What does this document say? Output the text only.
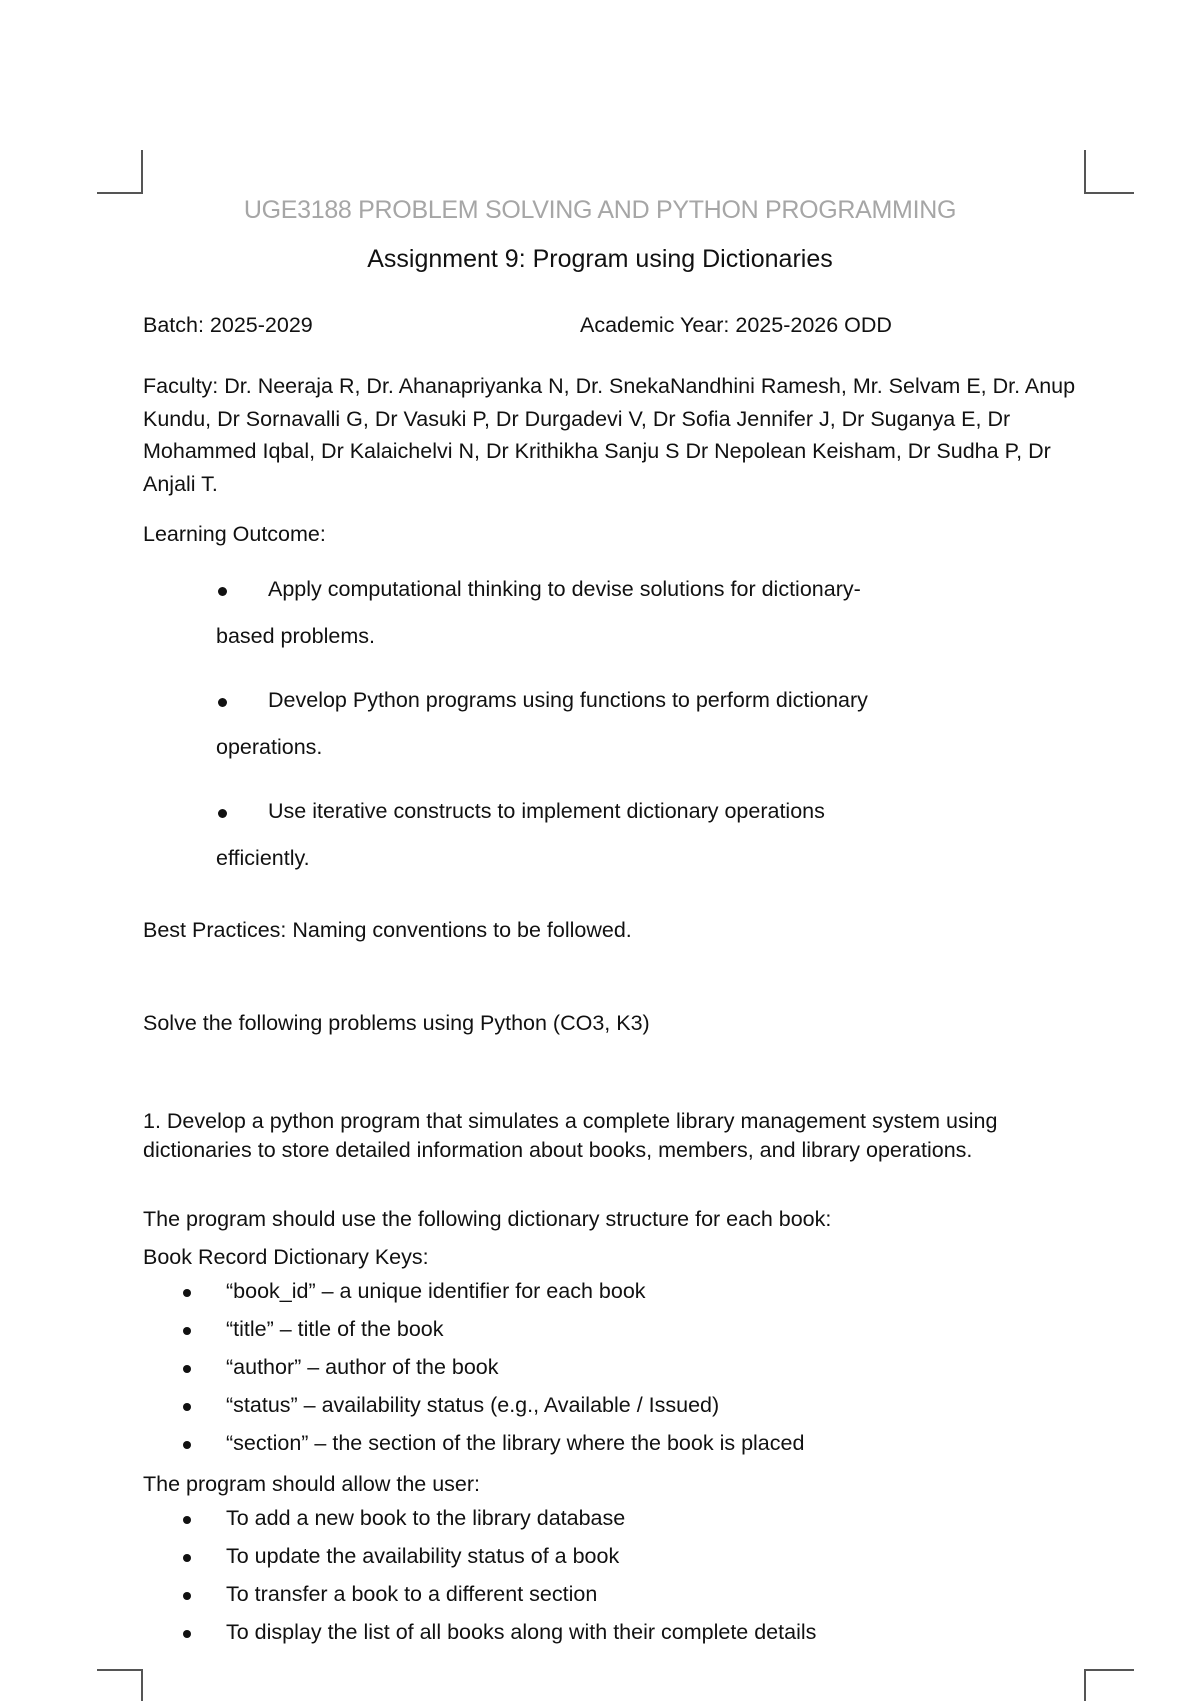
UGE3188 PROBLEM SOLVING AND PYTHON PROGRAMMING
Assignment 9: Program using Dictionaries
Batch: 2025-2029	Academic Year: 2025-2026 ODD
Faculty: Dr. Neeraja R, Dr. Ahanapriyanka N, Dr. SnekaNandhini Ramesh, Mr. Selvam E, Dr. Anup Kundu, Dr Sornavalli G, Dr Vasuki P, Dr Durgadevi V, Dr Sofia Jennifer J, Dr Suganya E, Dr Mohammed Iqbal, Dr Kalaichelvi N, Dr Krithikha Sanju S Dr Nepolean Keisham, Dr Sudha P, Dr Anjali T.
Learning Outcome:
Apply computational thinking to devise solutions for dictionary-
based problems.
Develop Python programs using functions to perform dictionary
operations.
Use iterative constructs to implement dictionary operations
efficiently.
Best Practices: Naming conventions to be followed.
Solve the following problems using Python (CO3, K3)
1. Develop a python program that simulates a complete library management system using dictionaries to store detailed information about books, members, and library operations.
The program should use the following dictionary structure for each book:
Book Record Dictionary Keys:
“book_id” – a unique identifier for each book
“title” – title of the book
“author” – author of the book
“status” – availability status (e.g., Available / Issued)
“section” – the section of the library where the book is placed
The program should allow the user:
To add a new book to the library database
To update the availability status of a book
To transfer a book to a different section
To display the list of all books along with their complete details
